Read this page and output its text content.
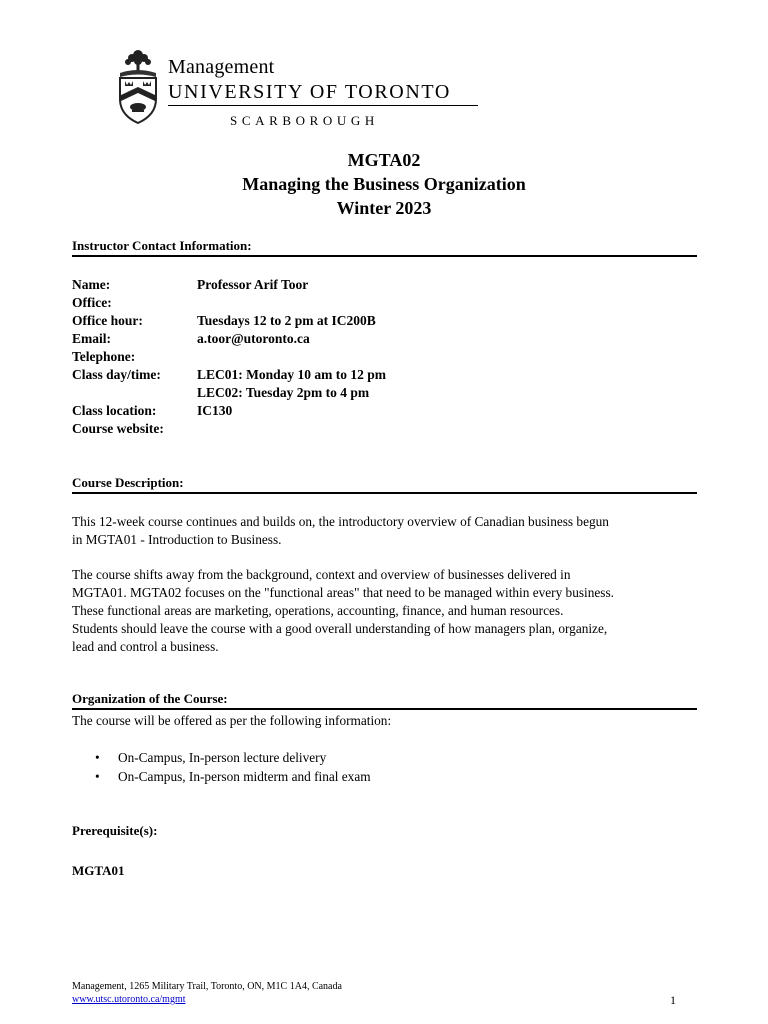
Management
UNIVERSITY OF TORONTO
SCARBOROUGH
MGTA02
Managing the Business Organization
Winter 2023
Instructor Contact Information:
Name:	Professor Arif Toor
Office:
Office hour:	Tuesdays 12 to 2 pm at IC200B
Email:	a.toor@utoronto.ca
Telephone:
Class day/time:	LEC01: Monday 10 am to 12 pm
LEC02: Tuesday 2pm to 4 pm
Class location:	IC130
Course website:
Course Description:
This 12-week course continues and builds on, the introductory overview of Canadian business begun
in MGTA01 - Introduction to Business.
The course shifts away from the background, context and overview of businesses delivered in
MGTA01. MGTA02 focuses on the "functional areas" that need to be managed within every business.
These functional areas are marketing, operations, accounting, finance, and human resources.
Students should leave the course with a good overall understanding of how managers plan, organize,
lead and control a business.
Organization of the Course:
The course will be offered as per the following information:
• On-Campus, In-person lecture delivery
• On-Campus, In-person midterm and final exam
Prerequisite(s):
MGTA01
Management, 1265 Military Trail, Toronto, ON, M1C 1A4, Canada
www.utsc.utoronto.ca/mgmt	1
